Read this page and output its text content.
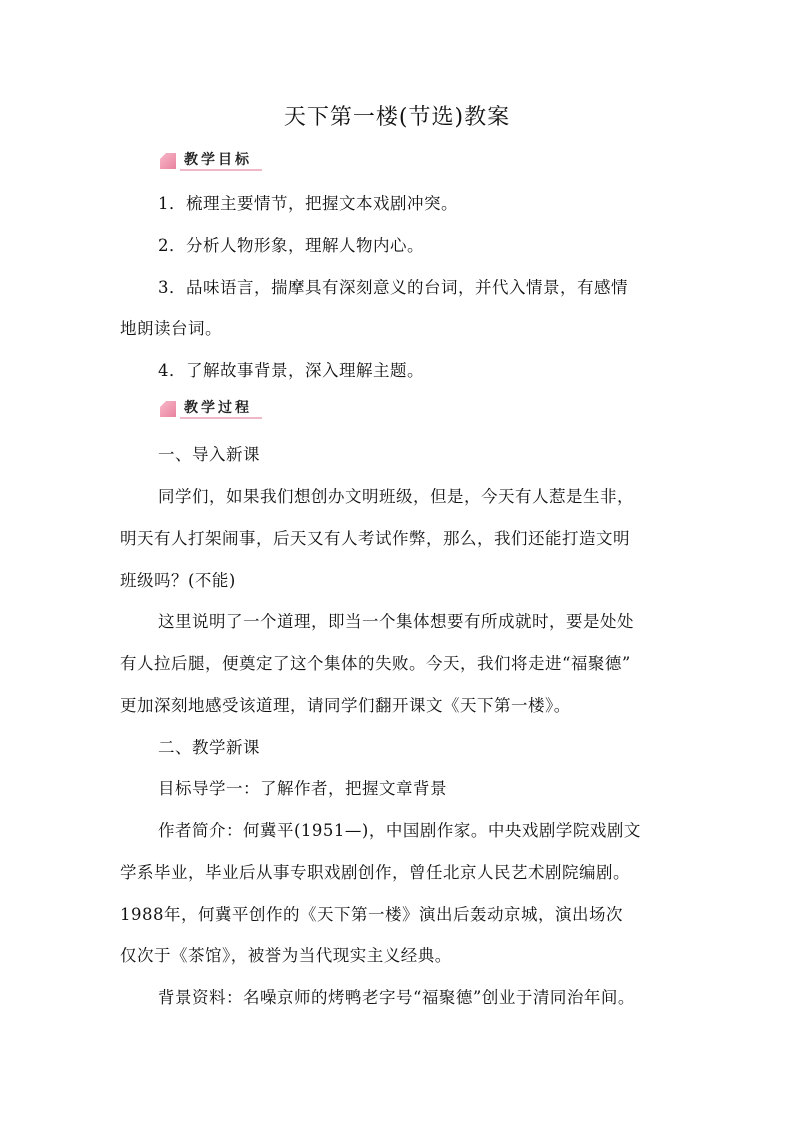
天下第一楼(节选)教案
教学目标
1．梳理主要情节，把握文本戏剧冲突。
2．分析人物形象，理解人物内心。
3．品味语言，揣摩具有深刻意义的台词，并代入情景，有感情
地朗读台词。
4．了解故事背景，深入理解主题。
教学过程
一、导入新课
同学们，如果我们想创办文明班级，但是，今天有人惹是生非，
明天有人打架闹事，后天又有人考试作弊，那么，我们还能打造文明
班级吗？(不能)
这里说明了一个道理，即当一个集体想要有所成就时，要是处处
有人拉后腿，便奠定了这个集体的失败。今天，我们将走进“福聚德”
更加深刻地感受该道理，请同学们翻开课文《天下第一楼》。
二、教学新课
目标导学一：了解作者，把握文章背景
作者简介：何冀平(1951—)，中国剧作家。中央戏剧学院戏剧文
学系毕业，毕业后从事专职戏剧创作，曾任北京人民艺术剧院编剧。
1988年，何冀平创作的《天下第一楼》演出后轰动京城，演出场次
仅次于《茶馆》，被誉为当代现实主义经典。
背景资料：名噪京师的烤鸭老字号“福聚德”创业于清同治年间。
